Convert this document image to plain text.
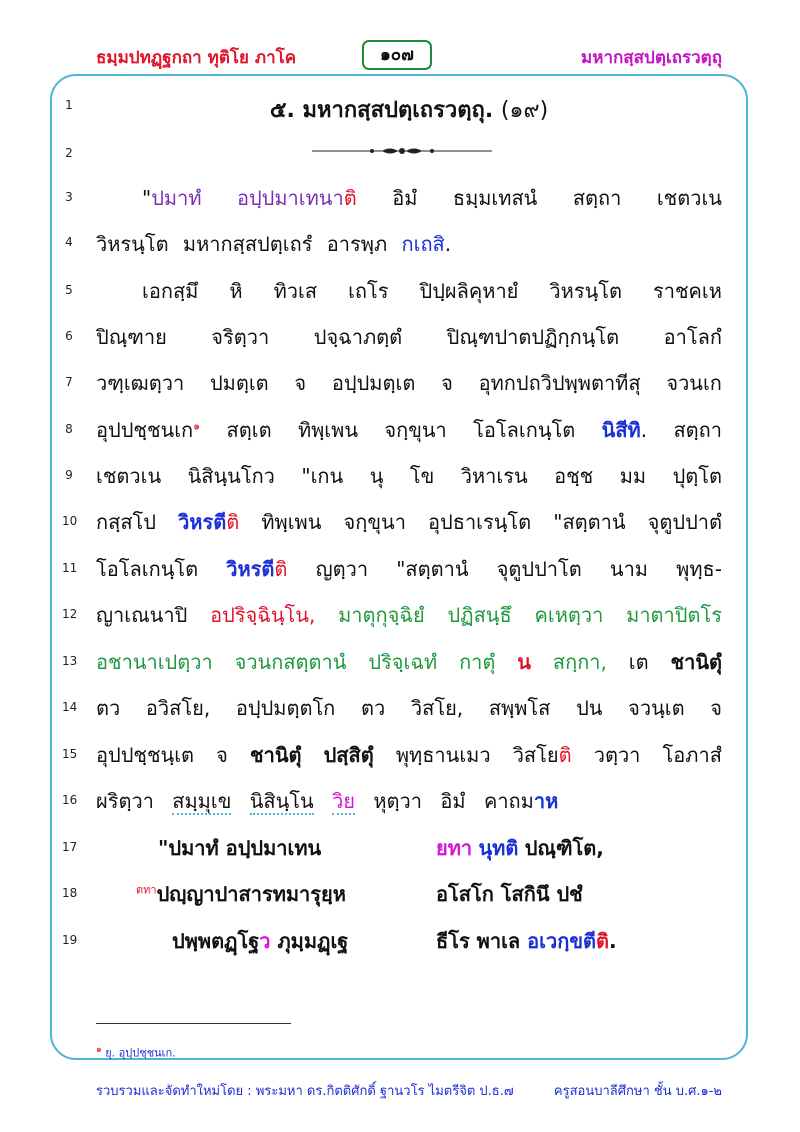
ธมฺมปทฏฺฐกถา ทุติโย ภาโค	๑๐๗	มหากสฺสปตฺเถรวตฺถุ
1
2
3
4
5
6
7
8
9
10
11
12
13
14
15
16
17
18
19
๕. มหากสฺสปตฺเถรวตฺถุ. (๑๙)
"ปมาทํ อปฺปมาเทนาติ อิมํ ธมฺมเทสนํ สตฺถา เชตวเน
วิหรนฺโต มหากสฺสปตฺเถรํ อารพฺภ กเถสิ.
เอกสฺมึ หิ ทิวเส เถโร ปิปฺผลิคุหายํ วิหรนฺโต ราชคเห
ปิณฺฑาย จริตฺวา ปจฺฉาภตฺตํ ปิณฺฑปาตปฏิกฺกนฺโต อาโลกํ
วฑฺเฒตฺวา ปมตฺเต จ อปฺปมตฺเต จ อุทกปถวิปพฺพตาทีสุ จวนเก
อุปปชฺชนเก$^๑$ สตฺเต ทิพฺเพน จกฺขุนา โอโลเกนฺโต นิสีทิ. สตฺถา
เชตวเน นิสินฺนโกว "เกน นุ โข วิหาเรน อชฺช มม ปุตฺโต
กสฺสโป วิหรตีติ ทิพฺเพน จกฺขุนา อุปธาเรนฺโต "สตฺตานํ จุตูปปาตํ
โอโลเกนฺโต วิหรตีติ ญตฺวา "สตฺตานํ จุตูปปาโต นาม พุทฺธ-
ญาเณนาปิ อปริจฺฉินฺโน, มาตุกุจฺฉิยํ ปฏิสนฺธึ คเหตฺวา มาตาปิตโร
อชานาเปตฺวา จวนกสตฺตานํ ปริจฺเฉทํ กาตุํ น สกฺกา, เต ชานิตุํ
ตว อวิสโย, อปฺปมตฺตโก ตว วิสโย, สพฺพโส ปน จวนฺเต จ
อุปปชฺชนฺเต จ ชานิตุํ ปสฺสิตุํ พุทฺธานเมว วิสโยติ วตฺวา โอภาสํ
ผริตฺวา สมฺมุเข นิสินฺโน วิย หุตฺวา อิมํ คาถมาห
"ปมาทํ อปฺปมาเทน	ยทา นุทติ ปณฺฑิโต,
$^{ตทา}$ปญฺญาปาสารทมารุยฺห	อโสโก โสกินึ ปชํ
ปพฺพตฏฺโฐว ภุมฺมฏฺเฐ	ธีโร พาเล อเวกฺขตีติ.
$^๑$ ยุ. อุปฺปชฺชนเก.
รวบรวมและจัดทำใหม่โดย : พระมหา ดร.กิตติศักดิ์ ฐานวโร ไมตรีจิต ป.ธ.๗	ครูสอนบาลีศึกษา ชั้น บ.ศ.๑-๒
